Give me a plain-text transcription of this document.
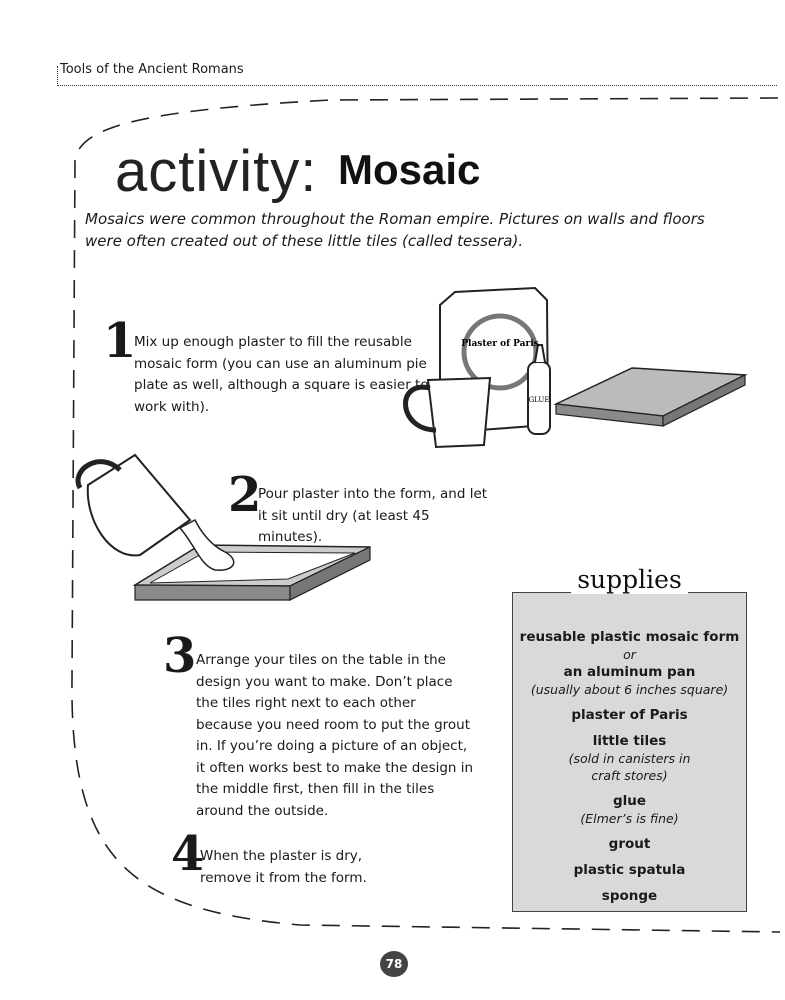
Plaster of Paris
GLUE
Tools of the Ancient Romans
activity: Mosaic
Mosaics were common throughout the Roman empire. Pictures on walls and floors were often created out of these little tiles (called tessera).
1
Mix up enough plaster to fill the reusable mosaic form (you can use an aluminum pie plate as well, although a square is easier to work with).
2
Pour plaster into the form, and let it sit until dry (at least 45 minutes).
3 Arrange your tiles on the table in the design you want to make. Don’t place the tiles right next to each other because you need room to put the grout in. If you’re doing a picture of an object, it often works best to make the design in the middle first, then fill in the tiles around the outside.
4
When the plaster is dry, remove it from the form.
supplies
reusable plastic mosaic form
or
an aluminum pan
(usually about 6 inches square)
plaster of Paris
little tiles
(sold in canisters in craft stores)
glue
(Elmer’s is fine)
grout
plastic spatula
sponge
78
